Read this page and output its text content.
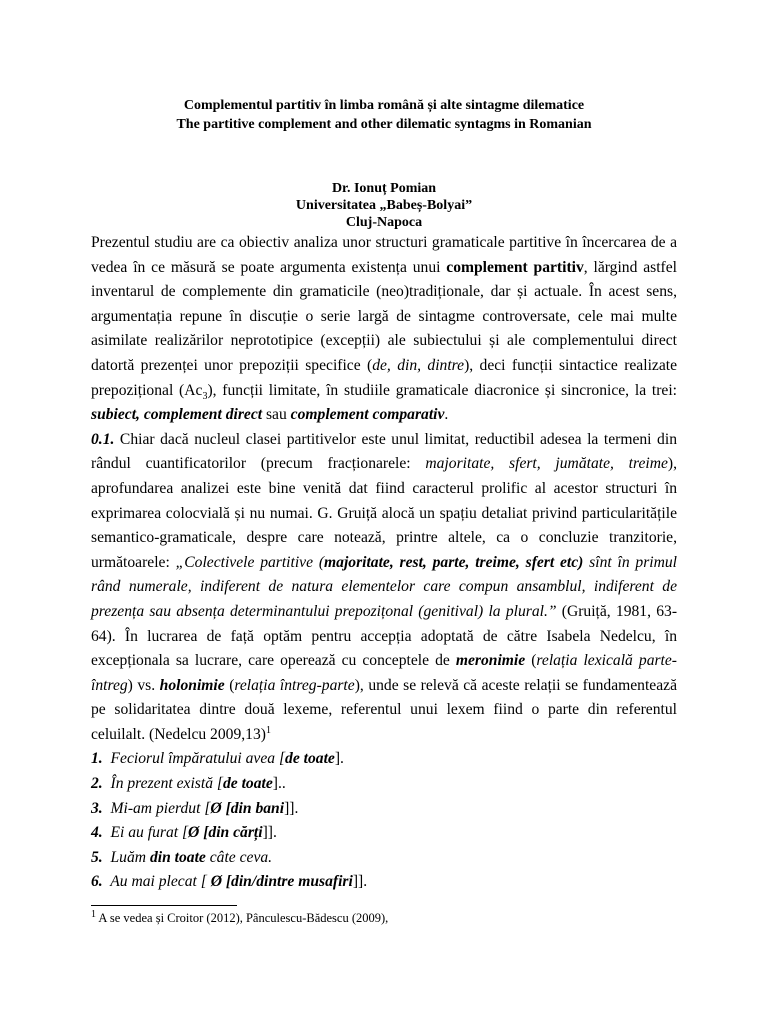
Complementul partitiv în limba română și alte sintagme dilematice
The partitive complement and other dilematic syntagms in Romanian
Dr. Ionuț Pomian
Universitatea „Babeș-Bolyai”
Cluj-Napoca

Prezentul studiu are ca obiectiv analiza unor structuri gramaticale partitive în încercarea de a vedea în ce măsură se poate argumenta existența unui complement partitiv, lărgind astfel inventarul de complemente din gramaticile (neo)tradiționale, dar și actuale. În acest sens, argumentația repune în discuție o serie largă de sintagme controversate, cele mai multe asimilate realizărilor neprototipice (excepții) ale subiectului și ale complementului direct datortă prezenței unor prepoziții specifice (de, din, dintre), deci funcții sintactice realizate prepozițional $(Ac_3)$, funcții limitate, în studiile gramaticale diacronice și sincronice, la trei: subiect, complement direct sau complement comparativ.

0.1. Chiar dacă nucleul clasei partitivelor este unul limitat, reductibil adesea la termeni din rândul cuantificatorilor (precum fracționarele: majoritate, sfert, jumătate, treime), aprofundarea analizei este bine venită dat fiind caracterul prolific al acestor structuri în exprimarea colocvială și nu numai. G. Gruiță alocă un spațiu detaliat privind particularitățile semantico-gramaticale, despre care notează, printre altele, ca o concluzie tranzitorie, următoarele: „Colectivele partitive (majoritate, rest, parte, treime, sfert etc) sînt în primul rând numerale, indiferent de natura elementelor care compun ansamblul, indiferent de prezența sau absența determinantului prepozițonal (genitival) la plural.” (Gruiță, 1981, 63-64). În lucrarea de față optăm pentru accepția adoptată de către Isabela Nedelcu, în excepționala sa lucrare, care operează cu conceptele de meronimie (relația lexicală parte-întreg) vs. holonimie (relația întreg-parte), unde se relevă că aceste relații se fundamentează pe solidaritatea dintre două lexeme, referentul unui lexem fiind o parte din referentul celuilalt. (Nedelcu 2009,13)$^1$

1. Feciorul împăratului avea [de toate].

2. În prezent există [de toate]..

3. Mi-am pierdut [Ø [din bani]].

4. Ei au furat [Ø [din cărți]].

5. Luăm din toate câte ceva.

6. Au mai plecat [ Ø [din/dintre musafiri]].

$^1$ A se vedea și Croitor (2012), Pânculescu-Bădescu (2009),
